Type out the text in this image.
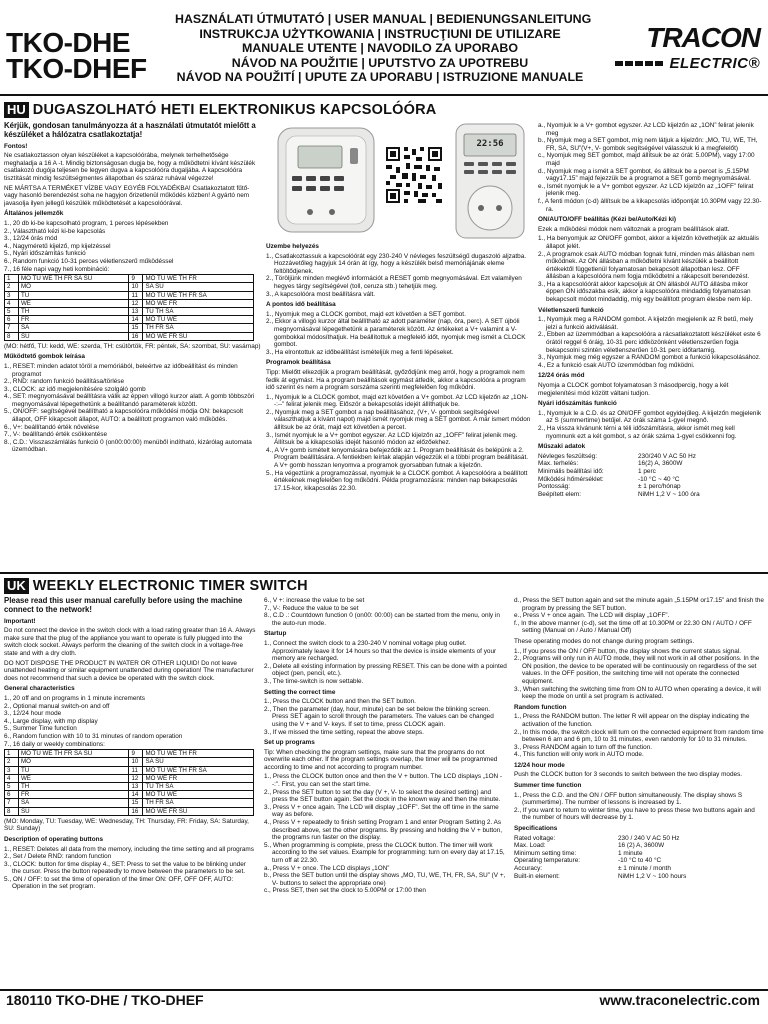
TKO-DHE
TKO-DHEF
HASZNÁLATI ÚTMUTATÓ | USER MANUAL | BEDIENUNGSANLEITUNG
INSTRUKCJA UŻYTKOWANIA | INSTRUCŢIUNI DE UTILIZARE
MANUALE UTENTE | NAVODILO ZA UPORABO
NÁVOD NA POUŽITIE | UPUTSTVO ZA UPOTREBU
NÁVOD NA POUŽITÍ | UPUTE ZA UPORABU | ISTRUZIONE MANUALE
TRACON
ELECTRIC®
HU DUGASZOLHATÓ HETI ELEKTRONIKUS KAPCSOLÓÓRA

Kérjük, gondosan tanulmányozza át a használati útmutatót mielőtt a készüléket a hálózatra csatlakoztatja!

Fontos!

Ne csatlakoztasson olyan készüléket a kapcsolóórába, melynek terhelhetősége meghaladja a 16 A -t. Mindig biztonságosan dugja be, hogy a működtetni kívánt készülék csatlakozó dugója teljesen be legyen dugva a kapcsolóóra dugaljába. A kapcsolóóra tisztítását mindig feszültségmentes állapotban és száraz ruhával végezze!

NE MÁRTSA A TERMÉKET VÍZBE VAGY EGYÉB FOLYADÉKBA! Csatlakoztatott fűtő- vagy hasonló berendezést soha ne hagyjon őrizetlenül működés közben! A gyártó nem javasolja ilyen jellegű készülék működtetését a kapcsolóórával.

Általános jellemzők

1., 20 db ki-be kapcsolható program, 1 perces lépésekben
2., Választható kézi ki-be kapcsolás
3., 12/24 órás mód
4., Nagyméretű kijelző, mp kijelzéssel
5., Nyári időszámítás funkció
6., Random funkció 10-31 perces véletlenszerű működéssel
7., 16 féle napi vagy heti kombináció:
1	MO TU WE TH FR SA SU	9	MO TU WE TH FR
2	MO	10	SA SU
3	TU	11	MO TU WE TH FR SA
4	WE	12	MO WE FR
5	TH	13	TU TH SA
6	FR	14	MO TU WE
7	SA	15	TH FR SA
8	SU	16	MO WE FR SU

(MO: hétfő, TU: kedd, WE: szerda, TH: csütörtök, FR: péntek, SA: szombat, SU: vasárnap)

Működtető gombok leírása

1., RESET: minden adatot töröl a memóriából, beleértve az időbeállítást és minden programot
2., RND: random funkció beállítása/törlése
3., CLOCK: az idő megjelenítésére szolgáló gomb
4., SET: megnyomásával beállításra válik az éppen villogó kurzor alatt. A gomb többszöri megnyomásával lépegethetünk a beállítandó paraméterek között.
5., ON/OFF: segítségével beállítható a kapcsolóóra működési módja ON: bekapcsolt állapot, OFF kikapcsolt állapot, AUTO: a beállított programon való működés.
6., V+: beállítandó érték növelése
7., V-: beállítandó érték csökkentése
8., C.D.: Visszaszámlálás funkció 0 (on00:00:00) menüből indítható, kizárólag automata üzemódban.
22:56

Üzembe helyezés

1., Csatlakoztassuk a kapcsolóórát egy 230-240 V névleges feszültségű dugaszoló aljzatba. Hozzávetőleg hagyjuk 14 órán át így, hogy a készülék belső memóriájának eleme feltöltődjenek.
2., Töröljünk minden meglévő információt a RESET gomb megnyomásával. Ezt valamilyen hegyes tárgy segítségével (toll, ceruza stb.) tehetjük meg.
3., A kapcsolóóra most beállításra vált.

A pontos idő beállítása

1., Nyomjuk meg a CLOCK gombot, majd ezt követően a SET gombot.
2., Ekkor a villogó kurzor által beállítható az adott paraméter (nap, óra, perc). A SET újbóli megnyomásával lépegethetünk a paraméterek között. Az értékeket a V+ valamint a V- gombokkal módosíthatjuk. Ha beállítottuk a megfelelő időt, nyomjuk meg ismét a CLOCK gombot.
3., Ha elrontottuk az időbeállítást ismételjük meg a fenti lépéseket.

Programok beállítása

Tipp: Mielőtt elkezdjük a program beállítását, győződjünk meg arról, hogy a programok nem fedik át egymást. Ha a program beállítások egymást átfedik, akkor a kapcsolóóra a program idő szerint és nem a program sorszáma szerinti megfelelően fog működni.

1., Nyomjuk le a CLOCK gombot, majd ezt követően a V+ gombot. Az LCD kijelzőn az „1ON--:--” felirat jelenik meg. Először a bekapcsolás idejét állíthatjuk be.
2., Nyomjuk meg a SET gombot a nap beállításához, (V+, V- gombok segítségével választhatjuk a kívánt napot) majd ismét nyomjuk meg a SET gombot. A már ismert módon állítsuk be az órát, majd ezt követően a percet.
3., Ismét nyomjuk le a V+ gombot egyszer. Az LCD kijelzőn az „1OFF” felirat jelenik meg. Állítsuk be a kikapcsolás idejét hasonló módon az előzőekhez.
4., A V+ gomb ismételt lenyomására befejeződik az 1. Program beállítását és belépünk a 2. Program beállítására. A fentiekben leírtak alapján végezzük el a többi program beállítását. A V+ gomb hosszan lenyomva a programok gyorsabban futnak a kijelzőn.
5., Ha végeztünk a programozással, nyomjuk le a CLOCK gombot. A kapcsolóóra a beállított értékeknek megfelelően fog működni. Példa programozásra: minden nap bekapcsolás 17.15-kor, kikapcsolás 22.30.
a., Nyomjuk le a V+ gombot egyszer. Az LCD kijelzőn az „1ON” felirat jelenik meg
b., Nyomjuk meg a SET gombot, míg nem látjuk a kijelzőn: „MO, TU, WE, TH, FR, SA, SU”(V+, V- gombok segítségével válasszuk ki a megfelelőt)
c., Nyomjuk meg SET gombot, majd állítsuk be az órát: 5.00PM), vagy 17:00 majd
d., Nyomjuk meg a ismét a SET gombot, és állítsuk be a percet is „5.15PM vagy17.15” majd fejezzük be a programot a SET gomb megnyomásával.
e., Ismét nyomjuk le a V+ gombot egyszer. Az LCD kijelzőn az „1OFF” felirat jelenik meg.
f., A fenti módon (c-d) állítsuk be a kikapcsolás időpontját 10.30PM vagy 22.30-ra.

ON/AUTO/OFF beállítás (Kézi be/Auto/Kézi ki)

Ezek a működési módok nem változnak a program beállítások alatt.

1., Ha benyomjuk az ON/OFF gombot, akkor a kijelzőn követhetjük az aktuális állapot jelét.
2., A programok csak AUTO módban fognak futni, minden más állásban nem működnek. Az ON állásban a működtetni kívánt készülék a beállított értékektől függetlenül folyamatosan bekapcsolt állapotban lesz. OFF állásban a kapcsolóóra nem fogja működtetni a rákapcsolt berendezést.
3., Ha a kapcsolóórát akkor kapcsoljuk át ON állásból AUTO állásba mikor éppen ON időszakba esik, akkor a kapcsolóóra mindaddig folyamatosan bekapcsolt módot mindaddig, míg egy beállított program élesbe nem lép.

Véletlenszerű funkció

1., Nyomjuk meg a RANDOM gombot. A kijelzőn megjelenik az R betű, mely jelzi a funkció aktiválását.
2., Ebben az üzemmódban a kapcsolóóra a rácsatlakoztatott készüléket este 6 órától reggel 6 óráig, 10-31 perc időközönként véletlenszerűen fogja bekapcsolni szintén véletlenszerűen 10-31 perc időtartamig.
3., Nyomjuk meg még egyszer a RANDOM gombot a funkció kikapcsolásához.
4., Ez a funkció csak AUTO üzemmódban fog működni.

12/24 órás mód

Nyomja a CLOCK gombot folyamatosan 3 másodpercig, hogy a két megjelenítési mód között váltani tudjon.

Nyári időszámítás funkció

1., Nyomjuk le a C.D. és az ON/OFF gombot egyidejűleg. A kijelzőn megjelenik az S (summertime) betűjel. Az órák száma 1-gyel megnő.
2., Ha vissza kívánunk térni a téli időszámításra, akkor ismét meg kell nyomnunk ezt a két gombot, s az órák száma 1-gyel csökkenni fog.

Műszaki adatok

Névleges feszültség:	230/240 V AC 50 Hz
Max. terhelés:	16(2) A, 3600W
Minimális beállítási idő:	1 perc
Működési hőmérséklet:	-10 °C ~ 40 °C
Pontosság:	± 1 perc/hónap
Beépített elem:	NiMH 1,2 V ~ 100 óra
UK WEEKLY ELECTRONIC TIMER SWITCH

Please read this user manual carefully before using the machine connect to the network!

Important!

Do not connect the device in the switch clock with a load rating greater than 16 A. Always make sure that the plug of the appliance you want to operate is fully plugged into the switch clock socket. Always perform the cleaning of the switch clock in a voltage-free state and with a dry cloth.

DO NOT DISPOSE THE PRODUCT IN WATER OR OTHER LIQUID! Do not leave unattended heating or similar equipment unattended during operation! The manufacturer does not recommend that such a device be operated with the switch clock.

General characteristics

1., 20 off and on programs in 1 minute increments
2., Optional manual switch-on and off
3., 12/24 hour mode
4., Large display, with mp display
5., Summer Time function
6., Random function with 10 to 31 minutes of random operation
7., 16 daily or weekly combinations:
1	MO TU WE TH FR SA SU	9	MO TU WE TH FR
2	MO	10	SA SU
3	TU	11	MO TU WE TH FR SA
4	WE	12	MO WE FR
5	TH	13	TU TH SA
6	FR	14	MO TU WE
7	SA	15	TH FR SA
8	SU	16	MO WE FR SU

(MO: Monday, TU: Tuesday, WE: Wednesday, TH: Thursday, FR: Friday, SA: Saturday, SU: Sunday)

Description of operating buttons

1., RESET: Deletes all data from the memory, including the time setting and all programs
2., Set / Delete RND: random function
3., CLOCK: button for time display 4., SET: Press to set the value to be blinking under the cursor. Press the button repeatedly to move between the parameters to be set.
5., ON / OFF: to set the time of operation of the timer ON: OFF, OFF OFF, AUTO: Operation in the set program.
6., V +: increase the value to be set
7., V-: Reduce the value to be set
8., C.D .: Countdown function 0 (on00: 00:00) can be started from the menu, only in the auto-run mode.

Startup

1., Connect the switch clock to a 230-240 V nominal voltage plug outlet. Approximately leave it for 14 hours so that the device is inside elements of your memory are recharged.
2., Delete all existing information by pressing RESET. This can be done with a pointed object (pen, pencil, etc.).
3., The time-switch is now settable.

Setting the correct time

1., Press the CLOCK button and then the SET button.
2., Then the parameter (day, hour, minute) can be set below the blinking screen. Press SET again to scroll through the parameters. The values can be changed using the V + and V- keys. If set to time, press CLOCK again.
3., If we missed the time setting, repeat the above steps.

Set up programs

Tip: When checking the program settings, make sure that the programs do not overwrite each other. If the program settings overlap, the timer will be programmed according to time and not according to program number.

1., Press the CLOCK button once and then the V + button. The LCD displays „1ON - -:”. First, you can set the start time.
2., Press the SET button to set the day (V +, V- to select the desired setting) and press the SET button again. Set the clock in the known way and then the minute.
3., Press V + once again. The LCD will display „1OFF”. Set the off time in the same way as before.
4., Press V + repeatedly to finish setting Program 1 and enter Program Setting 2. As described above, set the other programs. By pressing and holding the V + button, the programs run faster on the display.
5., When programming is complete, press the CLOCK button. The timer will work according to the set values. Example for programming: turn on every day at 17.15, turn off at 22.30.
a., Press V + once. The LCD displays „1ON”
b., Press the SET button until the display shows „MO, TU, WE, TH, FR, SA, SU” (V +, V- buttons to select the appropriate one)
c., Press SET, then set the clock to 5.00PM or 17:00 then
d., Press the SET button again and set the minute again „5.15PM or17.15” and finish the program by pressing the SET button.
e., Press V + once again. The LCD will display „1OFF”.
f., In the above manner (c-d), set the time off at 10.30PM or 22.30 ON / AUTO / OFF setting (Manual on / Auto / Manual Off)

These operating modes do not change during program settings.

1., If you press the ON / OFF button, the display shows the current status signal.
2., Programs will only run in AUTO mode, they will not work in all other positions. In the ON position, the device to be operated will be continuously on regardless of the set values. In the OFF position, the switching time will not operate the connected equipment.
3., When switching the switching time from ON to AUTO when operating a device, it will keep the mode on until a set program is activated.

Random function

1., Press the RANDOM button. The letter R will appear on the display indicating the activation of the function.
2., In this mode, the switch clock will turn on the connected equipment from random time between 6 am and 6 pm, 10 to 31 minutes, even randomly for 10 to 31 minutes.
3., Press RANDOM again to turn off the function.
4., This function will only work in AUTO mode.

12/24 hour mode

Push the CLOCK button for 3 seconds to switch between the two display modes.

Summer time function

1., Press the C.D. and the ON / OFF button simultaneously. The display shows S (summertime). The number of lessons is increased by 1.
2., If you want to return to winter time, you have to press these two buttons again and the number of hours will decrease by 1.

Specifications

Rated voltage:	230 / 240 V AC 50 Hz
Max. Load:	16 (2) A, 3600W
Minimum setting time:	1 minute
Operating temperature:	-10 °C to 40 °C
Accuracy:	± 1 minute / month
Built-in element:	NiMH 1,2 V ~ 100 hours
180110 TKO-DHE / TKO-DHEF	www.traconelectric.com
